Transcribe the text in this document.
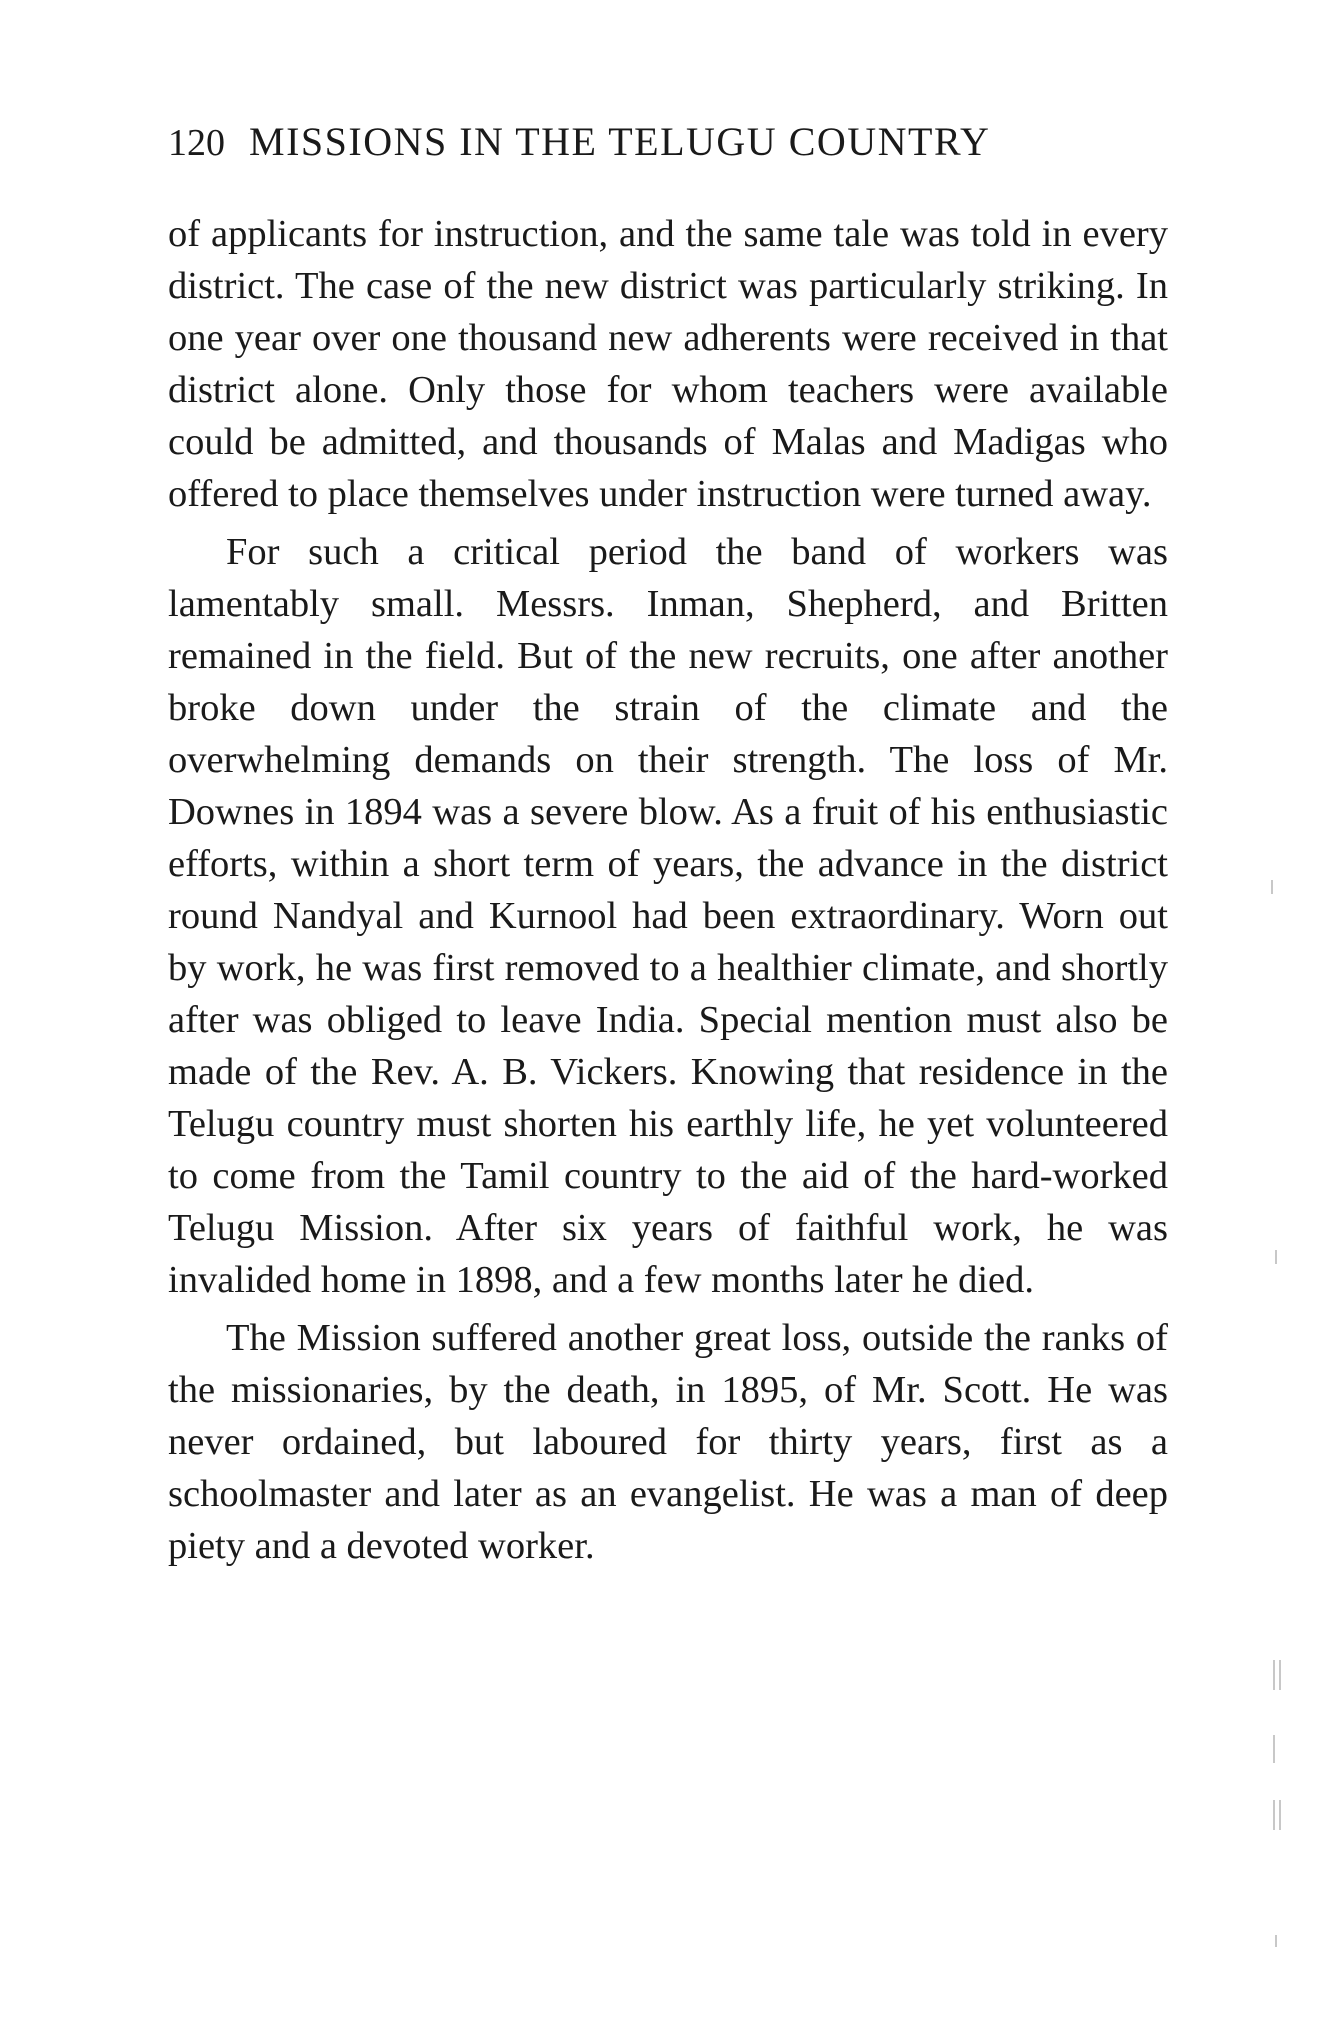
120 MISSIONS IN THE TELUGU COUNTRY

of applicants for instruction, and the same tale was told in every district. The case of the new district was particularly striking. In one year over one thousand new adherents were received in that district alone. Only those for whom teachers were available could be admitted, and thousands of Malas and Madigas who offered to place themselves under instruction were turned away.

For such a critical period the band of workers was lamentably small. Messrs. Inman, Shepherd, and Britten remained in the field. But of the new recruits, one after another broke down under the strain of the climate and the overwhelming demands on their strength. The loss of Mr. Downes in 1894 was a severe blow. As a fruit of his enthusiastic efforts, within a short term of years, the advance in the district round Nandyal and Kurnool had been extraordinary. Worn out by work, he was first removed to a healthier climate, and shortly after was obliged to leave India. Special mention must also be made of the Rev. A. B. Vickers. Knowing that residence in the Telugu country must shorten his earthly life, he yet volunteered to come from the Tamil country to the aid of the hard-worked Telugu Mission. After six years of faithful work, he was invalided home in 1898, and a few months later he died.

The Mission suffered another great loss, outside the ranks of the missionaries, by the death, in 1895, of Mr. Scott. He was never ordained, but laboured for thirty years, first as a schoolmaster and later as an evangelist. He was a man of deep piety and a devoted worker.
